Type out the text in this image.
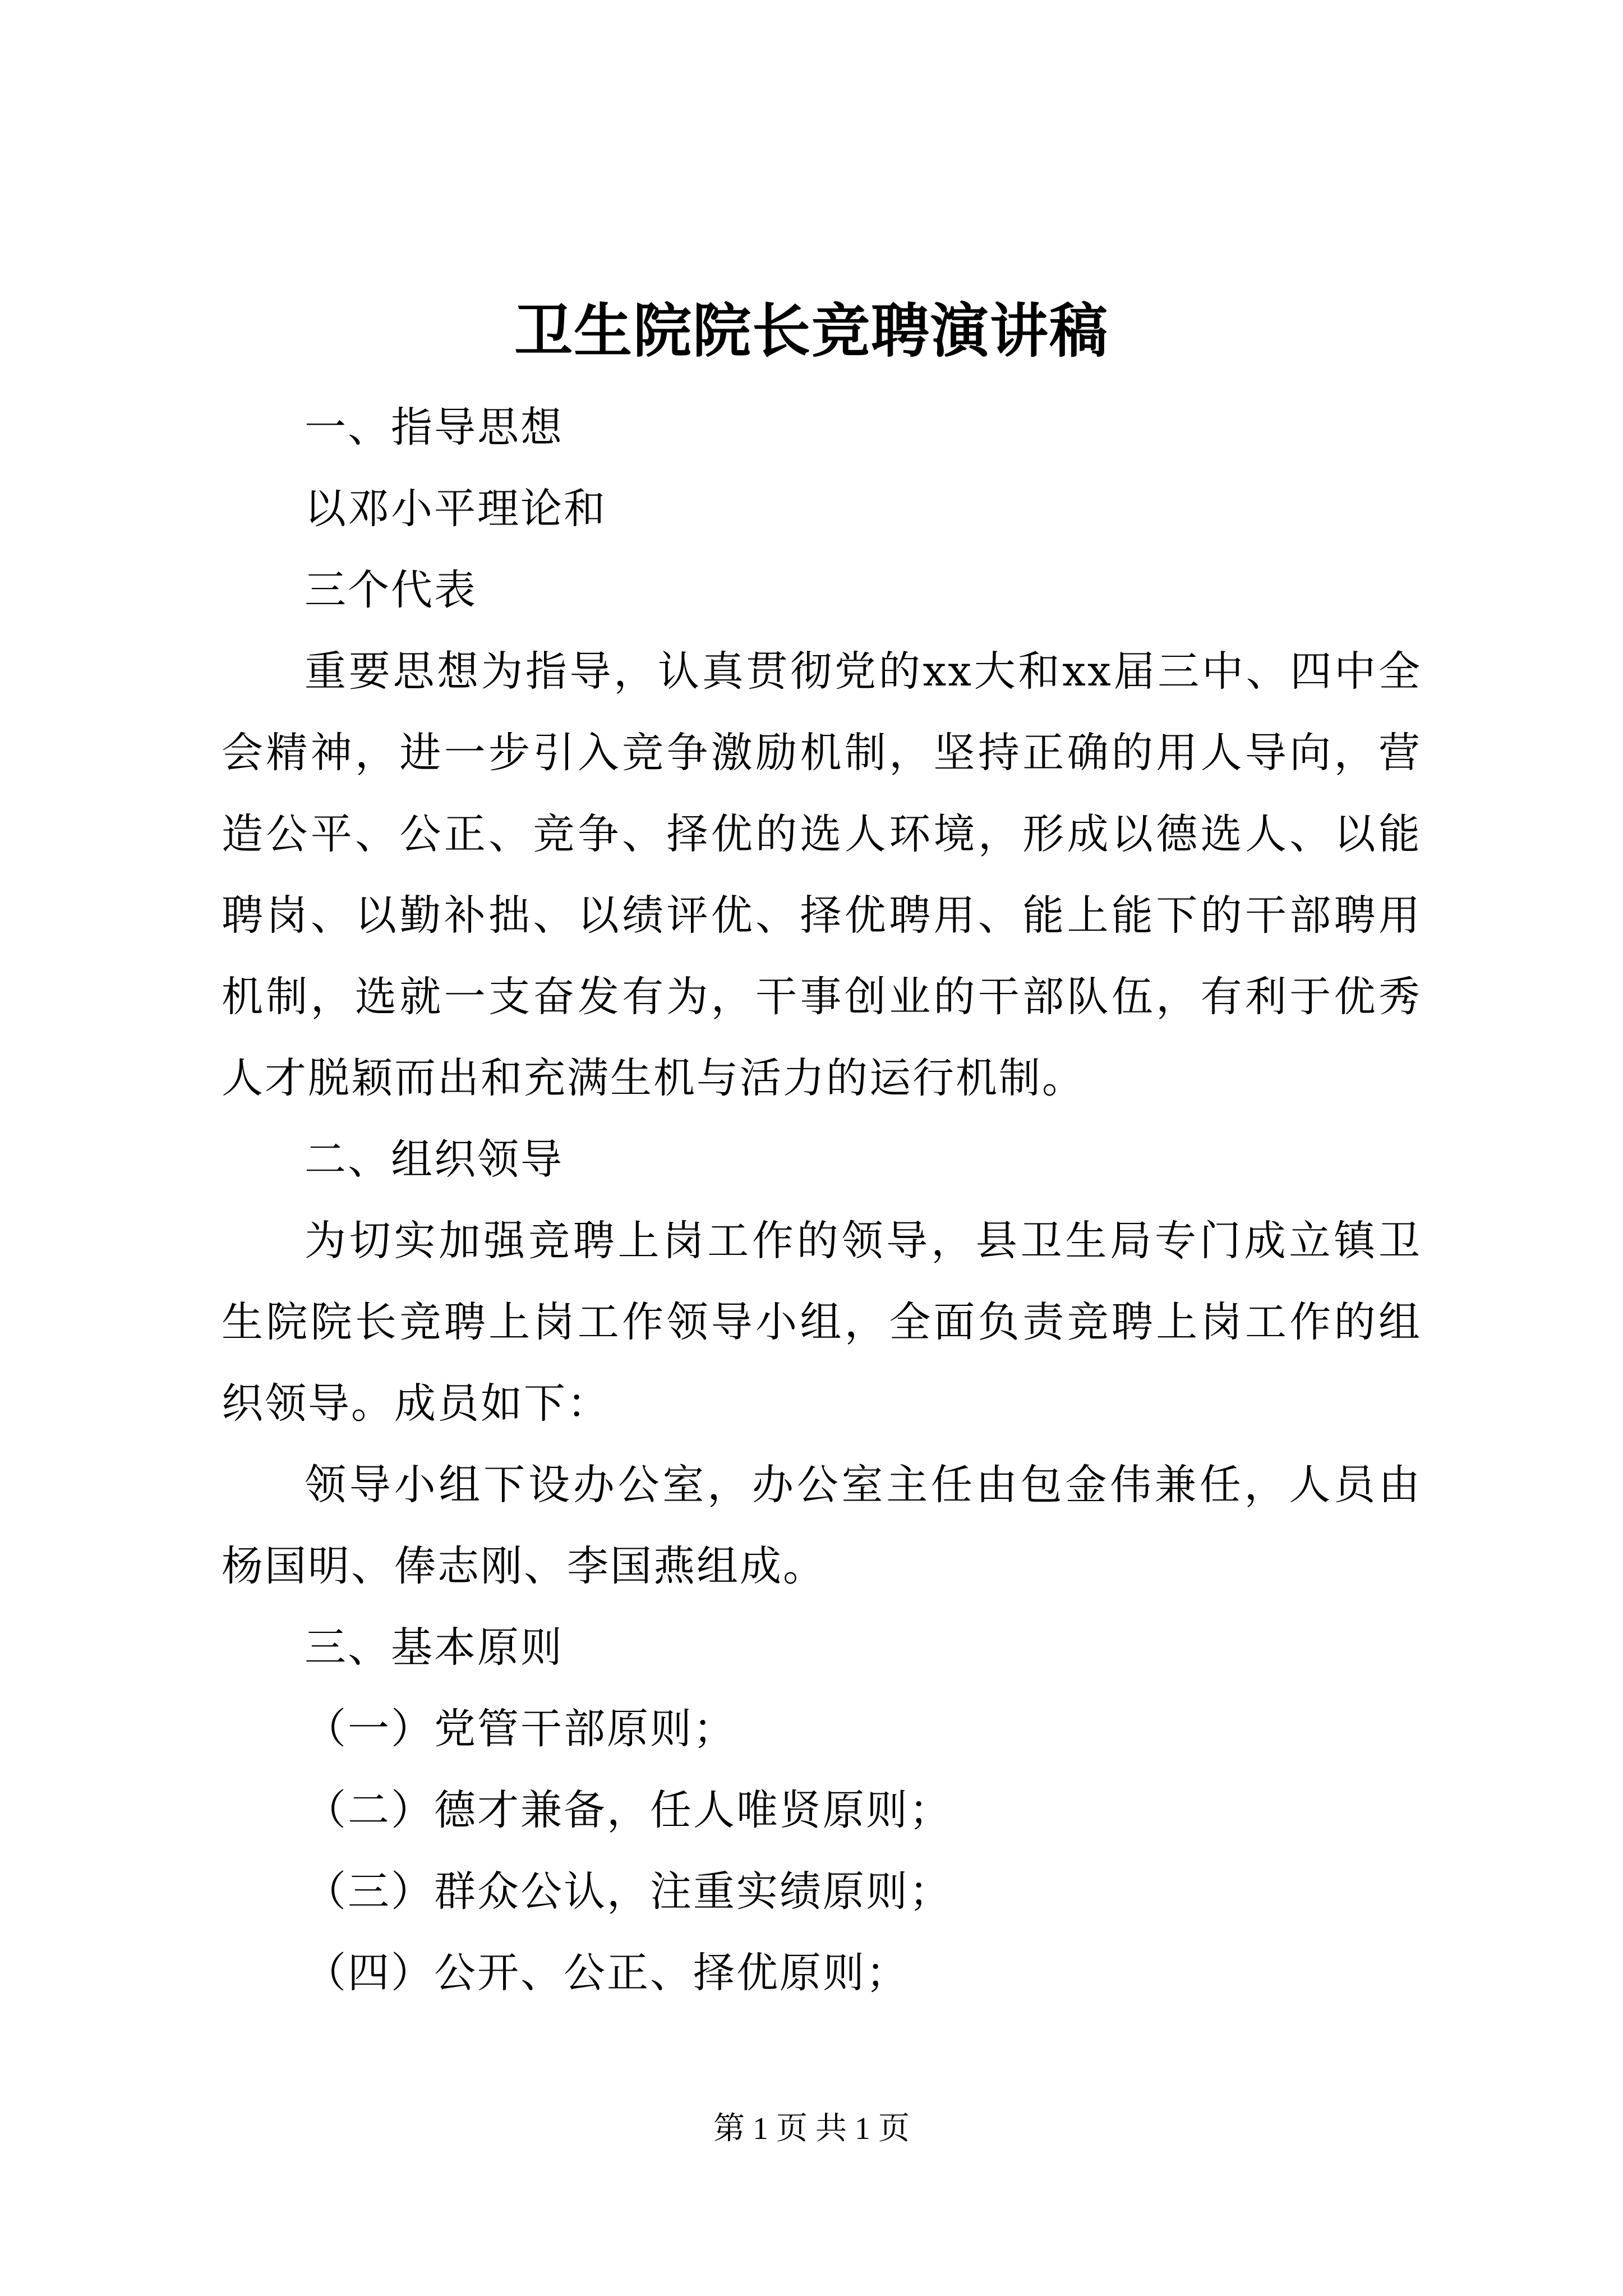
卫生院院长竞聘演讲稿

一、指导思想

以邓小平理论和

三个代表

重要思想为指导，认真贯彻党的xx大和xx届三中、四中全会精神，进一步引入竞争激励机制，坚持正确的用人导向，营造公平、公正、竞争、择优的选人环境，形成以德选人、以能聘岗、以勤补拙、以绩评优、择优聘用、能上能下的干部聘用机制，选就一支奋发有为，干事创业的干部队伍，有利于优秀人才脱颖而出和充满生机与活力的运行机制。

二、组织领导

为切实加强竞聘上岗工作的领导，县卫生局专门成立镇卫生院院长竞聘上岗工作领导小组，全面负责竞聘上岗工作的组织领导。成员如下：

领导小组下设办公室，办公室主任由包金伟兼任，人员由杨国明、俸志刚、李国燕组成。

三、基本原则

（一）党管干部原则；

（二）德才兼备，任人唯贤原则；

（三）群众公认，注重实绩原则；

（四）公开、公正、择优原则；

第 1 页 共 1 页
